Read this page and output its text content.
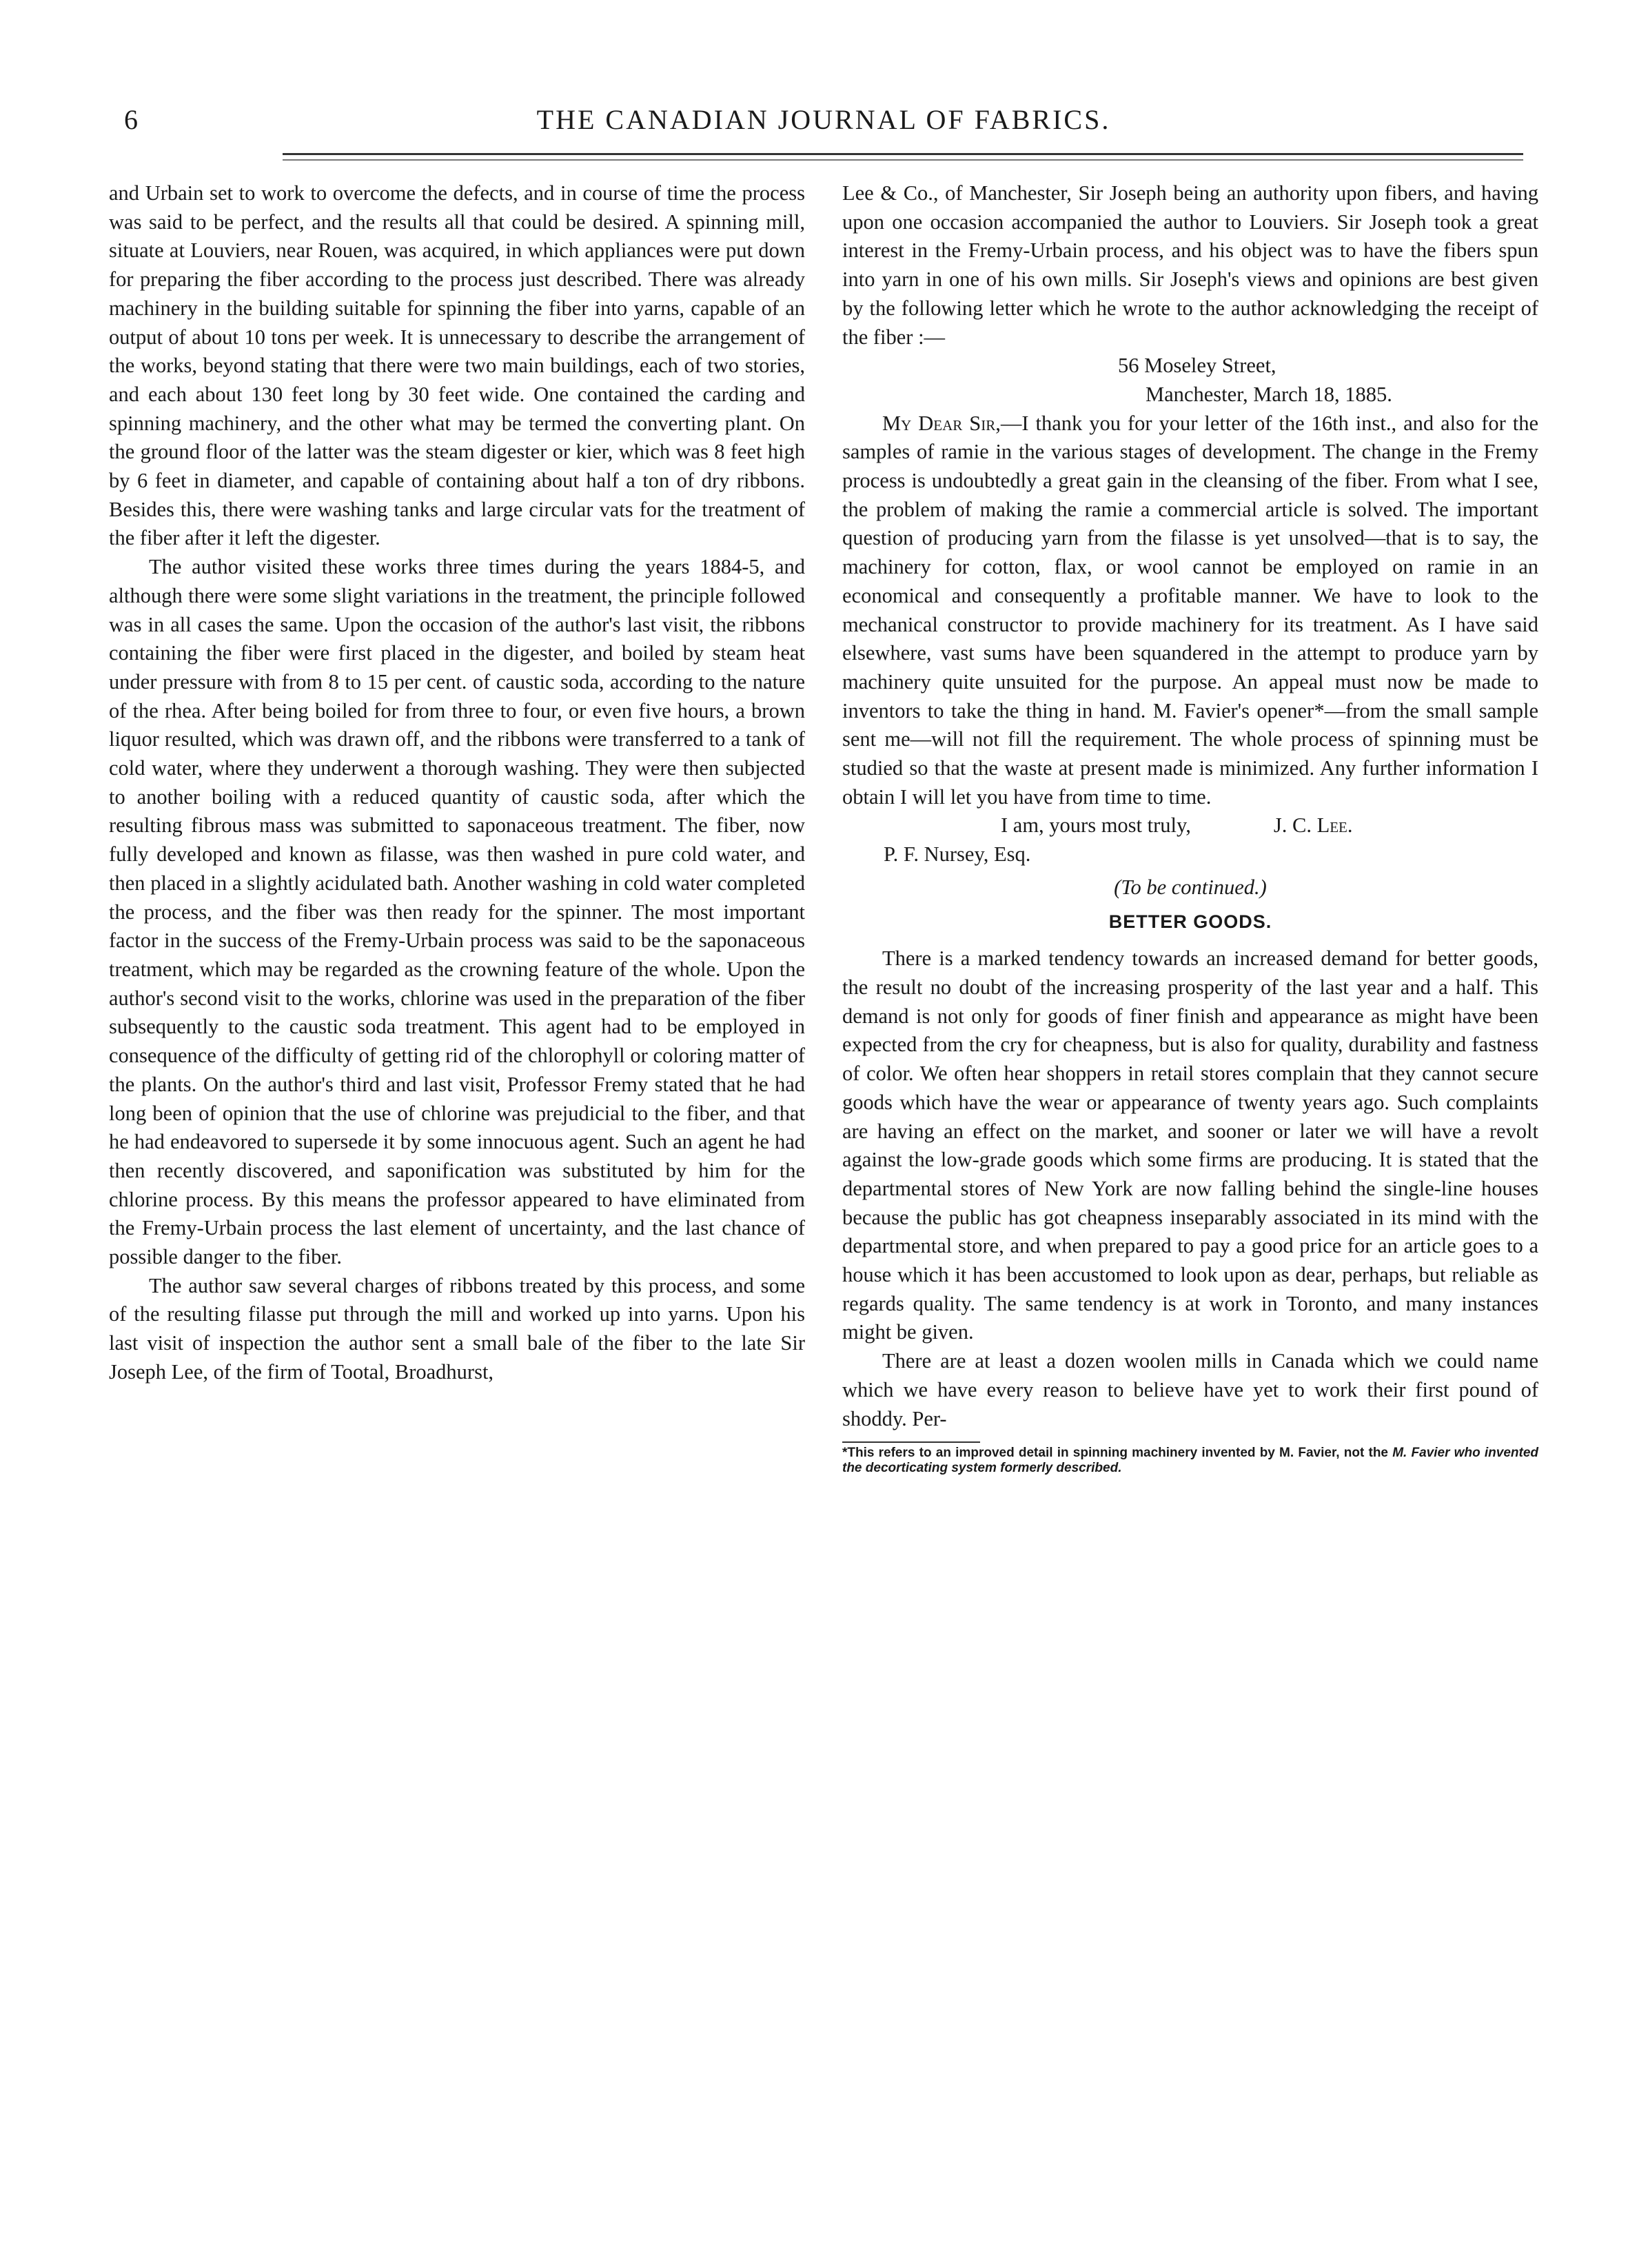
6	THE CANADIAN JOURNAL OF FABRICS.

and Urbain set to work to overcome the defects, and in course of time the process was said to be perfect, and the results all that could be desired. A spinning mill, situate at Louviers, near Rouen, was acquired, in which appliances were put down for preparing the fiber according to the process just described. There was already machinery in the building suitable for spinning the fiber into yarns, capable of an output of about 10 tons per week. It is unnecessary to describe the arrangement of the works, beyond stating that there were two main buildings, each of two stories, and each about 130 feet long by 30 feet wide. One contained the carding and spinning machinery, and the other what may be termed the converting plant. On the ground floor of the latter was the steam digester or kier, which was 8 feet high by 6 feet in diameter, and capable of containing about half a ton of dry ribbons. Besides this, there were washing tanks and large circular vats for the treatment of the fiber after it left the digester.

The author visited these works three times during the years 1884-5, and although there were some slight variations in the treatment, the principle followed was in all cases the same. Upon the occasion of the author's last visit, the ribbons containing the fiber were first placed in the digester, and boiled by steam heat under pressure with from 8 to 15 per cent. of caustic soda, according to the nature of the rhea. After being boiled for from three to four, or even five hours, a brown liquor resulted, which was drawn off, and the ribbons were transferred to a tank of cold water, where they underwent a thorough washing. They were then subjected to another boiling with a reduced quantity of caustic soda, after which the resulting fibrous mass was submitted to saponaceous treatment. The fiber, now fully developed and known as filasse, was then washed in pure cold water, and then placed in a slightly acidulated bath. Another washing in cold water completed the process, and the fiber was then ready for the spinner. The most important factor in the success of the Fremy-Urbain process was said to be the saponaceous treatment, which may be regarded as the crowning feature of the whole. Upon the author's second visit to the works, chlorine was used in the preparation of the fiber subsequently to the caustic soda treatment. This agent had to be employed in consequence of the difficulty of getting rid of the chlorophyll or coloring matter of the plants. On the author's third and last visit, Professor Fremy stated that he had long been of opinion that the use of chlorine was prejudicial to the fiber, and that he had endeavored to supersede it by some innocuous agent. Such an agent he had then recently discovered, and saponification was substituted by him for the chlorine process. By this means the professor appeared to have eliminated from the Fremy-Urbain process the last element of uncertainty, and the last chance of possible danger to the fiber.

The author saw several charges of ribbons treated by this process, and some of the resulting filasse put through the mill and worked up into yarns. Upon his last visit of inspection the author sent a small bale of the fiber to the late Sir Joseph Lee, of the firm of Tootal, Broadhurst,

Lee & Co., of Manchester, Sir Joseph being an authority upon fibers, and having upon one occasion accompanied the author to Louviers. Sir Joseph took a great interest in the Fremy-Urbain process, and his object was to have the fibers spun into yarn in one of his own mills. Sir Joseph's views and opinions are best given by the following letter which he wrote to the author acknowledging the receipt of the fiber :—

56 Moseley Street,

Manchester, March 18, 1885.

My Dear Sir,—I thank you for your letter of the 16th inst., and also for the samples of ramie in the various stages of development. The change in the Fremy process is undoubtedly a great gain in the cleansing of the fiber. From what I see, the problem of making the ramie a commercial article is solved. The important question of producing yarn from the filasse is yet unsolved—that is to say, the machinery for cotton, flax, or wool cannot be employed on ramie in an economical and consequently a profitable manner. We have to look to the mechanical constructor to provide machinery for its treatment. As I have said elsewhere, vast sums have been squandered in the attempt to produce yarn by machinery quite unsuited for the purpose. An appeal must now be made to inventors to take the thing in hand. M. Favier's opener*—from the small sample sent me—will not fill the requirement. The whole process of spinning must be studied so that the waste at present made is minimized. Any further information I obtain I will let you have from time to time.

I am, yours most truly,	J. C. Lee.

P. F. Nursey, Esq.

(To be continued.)

BETTER GOODS.

There is a marked tendency towards an increased demand for better goods, the result no doubt of the increasing prosperity of the last year and a half. This demand is not only for goods of finer finish and appearance as might have been expected from the cry for cheapness, but is also for quality, durability and fastness of color. We often hear shoppers in retail stores complain that they cannot secure goods which have the wear or appearance of twenty years ago. Such complaints are having an effect on the market, and sooner or later we will have a revolt against the low-grade goods which some firms are producing. It is stated that the departmental stores of New York are now falling behind the single-line houses because the public has got cheapness inseparably associated in its mind with the departmental store, and when prepared to pay a good price for an article goes to a house which it has been accustomed to look upon as dear, perhaps, but reliable as regards quality. The same tendency is at work in Toronto, and many instances might be given.

There are at least a dozen woolen mills in Canada which we could name which we have every reason to believe have yet to work their first pound of shoddy. Per-

*This refers to an improved detail in spinning machinery invented by M. Favier, not the M. Favier who invented the decorticating system formerly described.
